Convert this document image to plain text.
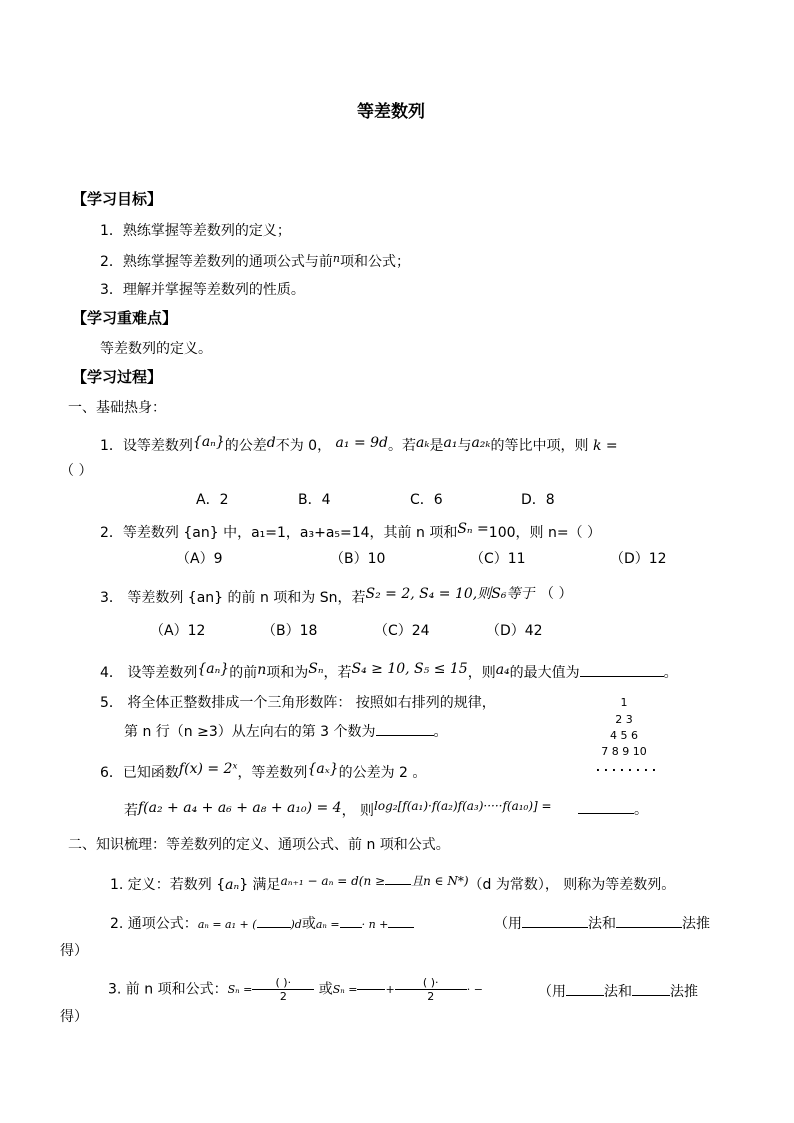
等差数列
【学习目标】
1．熟练掌握等差数列的定义；
2．熟练掌握等差数列的通项公式与前$^n$项和公式；
3．理解并掌握等差数列的性质。
【学习重难点】
等差数列的定义。
【学习过程】
一、基础热身：
1．设等差数列{aₙ}的公差d不为 0， a₁ = 9d。若aₖ是a₁与a₂ₖ的等比中项，则 k =
（ ）
A．2	B．4	C．6	D．8
2．等差数列 {an} 中，a₁=1，a₃+a₅=14，其前 n 项和Sₙ =100，则 n=（ ）
（A）9	（B）10	（C）11	（D）12
3． 等差数列 {an} 的前 n 项和为 Sn，若S₂ = 2, S₄ = 10,则S₆等于 （ ）
（A）12	（B）18	（C）24	（D）42
4． 设等差数列{aₙ}的前n项和为Sₙ，若S₄ ≥ 10, S₅ ≤ 15，则a₄的最大值为	。
5． 将全体正整数排成一个三角形数阵： 按照如右排列的规律，
第 n 行（n ≥3）从左向右的第 3 个数为	。
1
2 3
4 5 6
7 8 9 10
. . . . . . . .
6．已知函数f(x) = 2ˣ，等差数列{aₓ}的公差为 2 。
若f(a₂ + a₄ + a₆ + a₈ + a₁₀) = 4， 则log₂[f(a₁)·f(a₂)f(a₃)·····f(a₁₀)] =	。
二、知识梳理：等差数列的定义、通项公式、前 n 项和公式。
1. 定义：若数列 {aₙ} 满足aₙ₊₁ − aₙ = d(n ≥ 且n ∈ N*)（d 为常数）， 则称为等差数列。
2. 通项公式：aₙ = a₁ + (	)d或aₙ = · n +	（用	法和	法推
得）
3. 前 n 项和公式：$S_n = \frac{( )\cdot}{2}$ 或Sₙ =	+ $\frac{( )\cdot}{2}$ · −	（用	法和	法推
得）
